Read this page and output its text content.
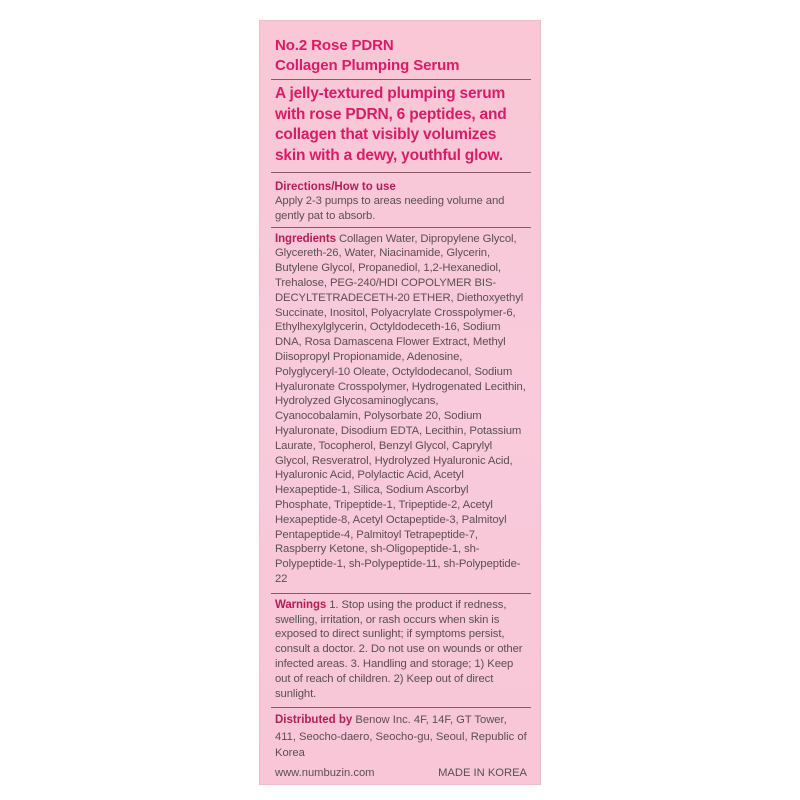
No.2 Rose PDRN
Collagen Plumping Serum
A jelly-textured plumping serum with rose PDRN, 6 peptides, and collagen that visibly volumizes skin with a dewy, youthful glow.
Directions/How to use
Apply 2-3 pumps to areas needing volume and gently pat to absorb.
Ingredients Collagen Water, Dipropylene Glycol, Glycereth-26, Water, Niacinamide, Glycerin, Butylene Glycol, Propanediol, 1,2-Hexanediol, Trehalose, PEG-240/HDI COPOLYMER BIS-DECYLTETRADECETH-20 ETHER, Diethoxyethyl Succinate, Inositol, Polyacrylate Crosspolymer-6, Ethylhexylglycerin, Octyldodeceth-16, Sodium DNA, Rosa Damascena Flower Extract, Methyl Diisopropyl Propionamide, Adenosine, Polyglyceryl-10 Oleate, Octyldodecanol, Sodium Hyaluronate Crosspolymer, Hydrogenated Lecithin, Hydrolyzed Glycosaminoglycans, Cyanocobalamin, Polysorbate 20, Sodium Hyaluronate, Disodium EDTA, Lecithin, Potassium Laurate, Tocopherol, Benzyl Glycol, Caprylyl Glycol, Resveratrol, Hydrolyzed Hyaluronic Acid, Hyaluronic Acid, Polylactic Acid, Acetyl Hexapeptide-1, Silica, Sodium Ascorbyl Phosphate, Tripeptide-1, Tripeptide-2, Acetyl Hexapeptide-8, Acetyl Octapeptide-3, Palmitoyl Pentapeptide-4, Palmitoyl Tetrapeptide-7, Raspberry Ketone, sh-Oligopeptide-1, sh-Polypeptide-1, sh-Polypeptide-11, sh-Polypeptide-22
Warnings 1. Stop using the product if redness, swelling, irritation, or rash occurs when skin is exposed to direct sunlight; if symptoms persist, consult a doctor. 2. Do not use on wounds or other infected areas. 3. Handling and storage; 1) Keep out of reach of children. 2) Keep out of direct sunlight.
Distributed by Benow Inc. 4F, 14F, GT Tower, 411, Seocho-daero, Seocho-gu, Seoul, Republic of Korea
www.numbuzin.com	MADE IN KOREA
